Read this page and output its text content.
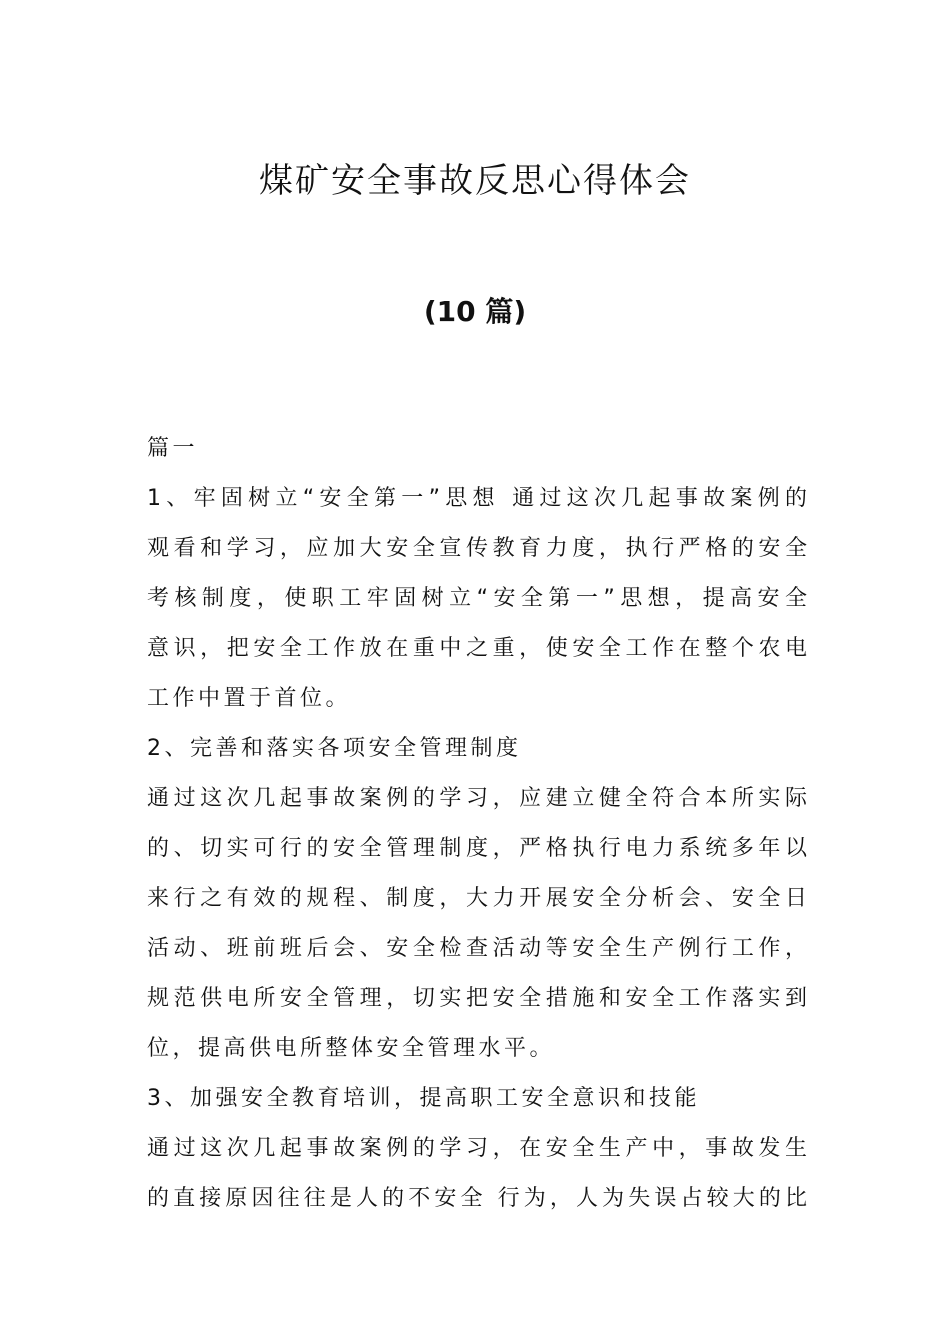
煤矿安全事故反思心得体会
(10 篇)

篇一

1、牢固树立“安全第一”思想 通过这次几起事故案例的

观看和学习，应加大安全宣传教育力度，执行严格的安全

考核制度，使职工牢固树立“安全第一”思想，提高安全

意识，把安全工作放在重中之重，使安全工作在整个农电

工作中置于首位。

2、完善和落实各项安全管理制度

通过这次几起事故案例的学习，应建立健全符合本所实际

的、切实可行的安全管理制度，严格执行电力系统多年以

来行之有效的规程、制度，大力开展安全分析会、安全日

活动、班前班后会、安全检查活动等安全生产例行工作，

规范供电所安全管理，切实把安全措施和安全工作落实到

位，提高供电所整体安全管理水平。

3、加强安全教育培训，提高职工安全意识和技能

通过这次几起事故案例的学习，在安全生产中，事故发生

的直接原因往往是人的不安全 行为，人为失误占较大的比
